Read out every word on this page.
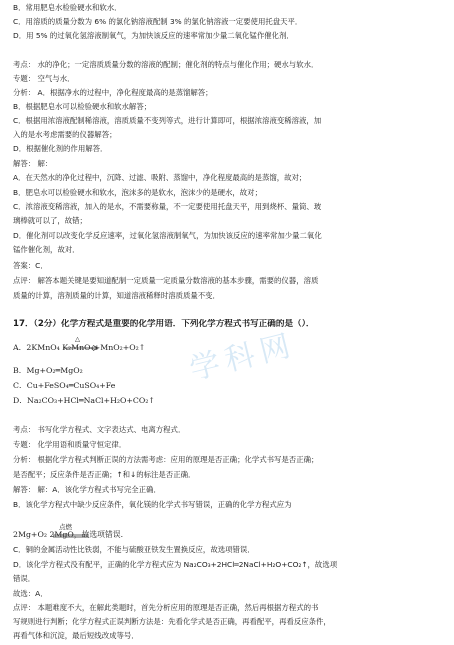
学科网
B．常用肥皂水检验硬水和软水．
C．用溶质的质量分数为 6% 的氯化钠溶液配制 3% 的氯化钠溶液一定要使用托盘天平．
D．用 5% 的过氧化氢溶液制氧气，为加快该反应的速率常加少量二氧化锰作催化剂．
考点： 水的净化；一定溶质质量分数的溶液的配制；催化剂的特点与催化作用；硬水与软水．
专题： 空气与水．
分析： A．根据净水的过程中，净化程度最高的是蒸馏解答；
B．根据肥皂水可以检验硬水和软水解答；
C．根据用浓溶液配制稀溶液，溶质质量不变列等式，进行计算即可，根据浓溶液变稀溶液，加
入的是水考虑需要的仪器解答；
D．根据催化剂的作用解答．
解答： 解：
A．在天然水的净化过程中，沉降、过滤、吸附、蒸馏中，净化程度最高的是蒸馏，故对；
B．肥皂水可以检验硬水和软水，泡沫多的是软水，泡沫少的是硬水，故对；
C．浓溶液变稀溶液，加入的是水，不需要称量，不一定要使用托盘天平，用到烧杯、量筒、玻
璃棒就可以了，故错；
D．催化剂可以改变化学反应速率，过氧化氢溶液制氧气，为加快该反应的速率常加少量二氧化
锰作催化剂，故对．
答案：C．
点评： 解答本题关键是要知道配制一定质量一定质量分数溶液的基本步骤，需要的仪器，溶质
质量的计算，溶剂质量的计算，知道溶液稀释时溶质质量不变．
17．（2分）化学方程式是重要的化学用语．下列化学方程式书写正确的是（）．
A．2KMnO₄ K₂MnO₄+MnO₂+O₂↑
△
B．Mg+O₂═MgO₂
C．Cu+FeSO₄═CuSO₄+Fe
D．Na₂CO₃+HCl═NaCl+H₂O+CO₂↑
考点： 书写化学方程式、文字表达式、电离方程式．
专题： 化学用语和质量守恒定律．
分析： 根据化学方程式判断正误的方法需考虑：应用的原理是否正确；化学式书写是否正确；
是否配平；反应条件是否正确；↑和↓的标注是否正确．
解答： 解：A．该化学方程式书写完全正确．
B．该化学方程式中缺少反应条件，氧化镁的化学式书写错误，正确的化学方程式应为
2Mg+O₂ 2MgO，故选项错误．
点燃
C．铜的金属活动性比铁弱，不能与硫酸亚铁发生置换反应，故选项错误．
D．该化学方程式没有配平，正确的化学方程式应为 Na₂CO₃+2HCl═2NaCl+H₂O+CO₂↑，故选项
错误．
故选：A．
点评： 本题难度不大，在解此类题时，首先分析应用的原理是否正确，然后再根据方程式的书
写规则进行判断；化学方程式正误判断方法是：先看化学式是否正确，再看配平，再看反应条件，
再看气体和沉淀，最后短线改成等号．
